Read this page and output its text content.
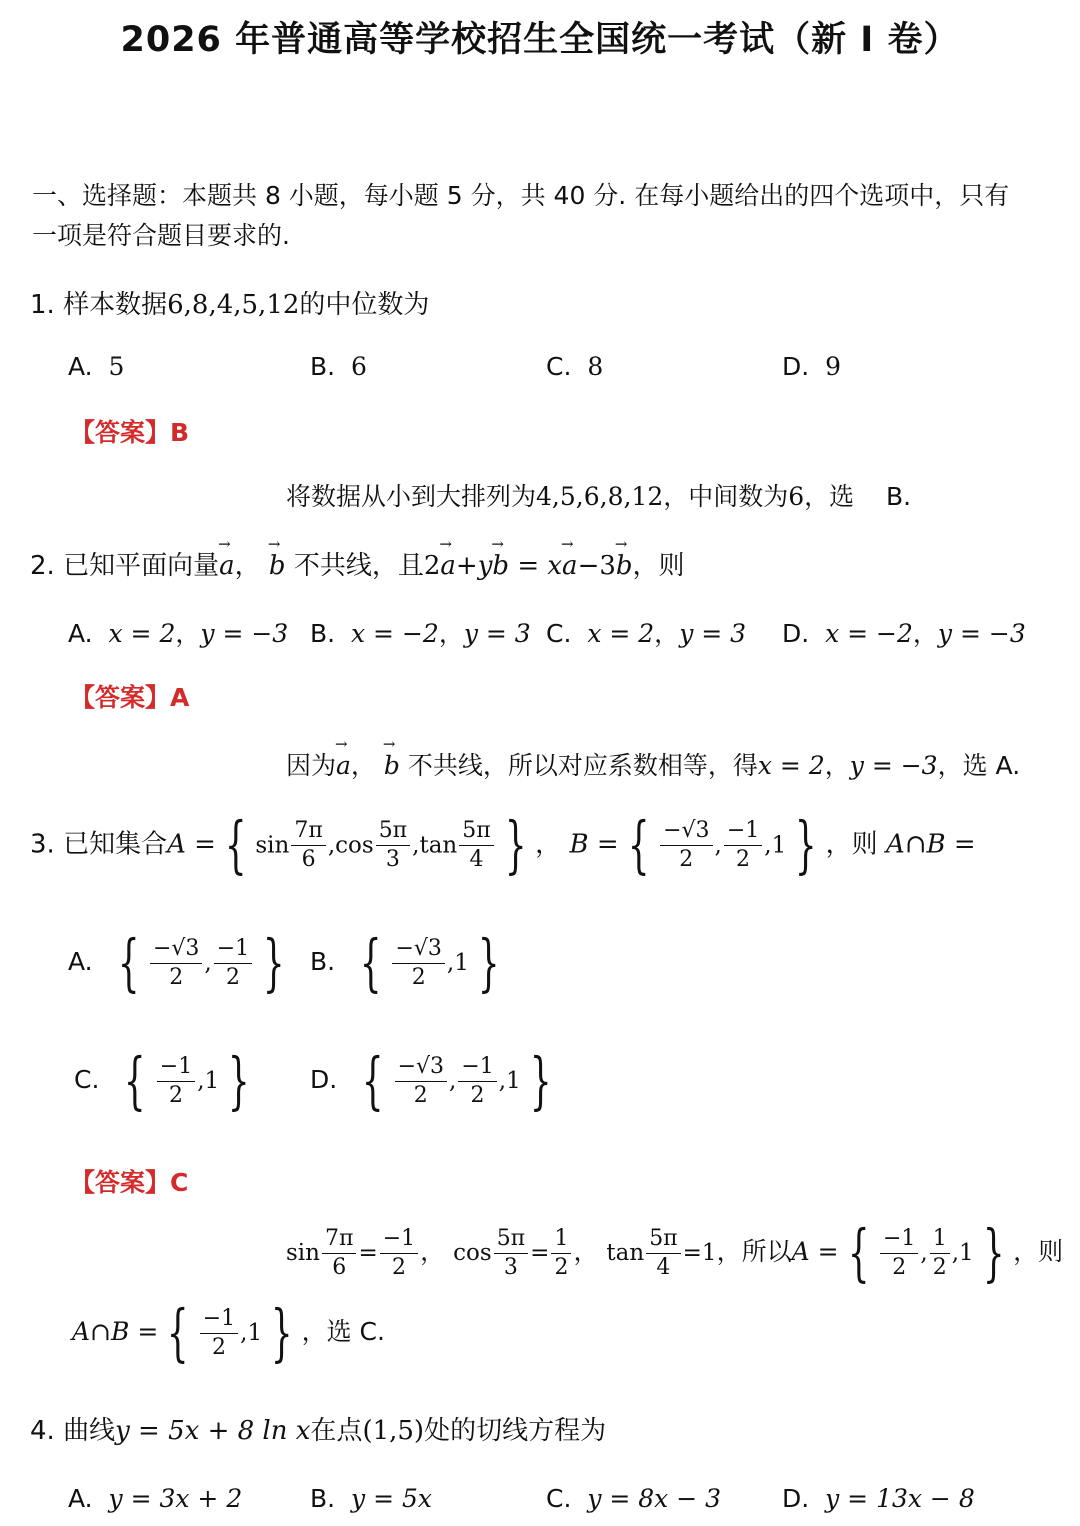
2026 年普通高等学校招生全国统一考试（新 I 卷）
一、选择题：本题共 8 小题，每小题 5 分，共 40 分. 在每小题给出的四个选项中，只有
一项是符合题目要求的.
1. 样本数据6,8,4,5,12的中位数为
A. 5	B. 6	C. 8	D. 9
【答案】B
将数据从小到大排列为4,5,6,8,12，中间数为6，选 B.
2. 已知平面向量→ a， → b 不共线，且2→ a+y→ b = x→ a−3→ b，则
A. x = 2，y = −3 B. x = −2，y = 3 C. x = 2，y = 3 D. x = −2，y = −3
【答案】A
因为→ a， → b 不共线，所以对应系数相等，得x = 2，y = −3，选 A.
3. 已知集合A = { $\sin \frac{7\pi}{6} ,\cos \frac{5\pi}{3} ,\tan \frac{5\pi}{4}$ } ， B = { $\frac{-√3}{2}$ , $\frac{-1}{2} ,1$ } ，则 A∩B =
A. { $\frac{-√3}{2}$ , $\frac{-1}{2}$ }	B. { $\frac{-√3}{2} ,1$ }
C. { $\frac{-1}{2} ,1$ }	D. { $\frac{-√3}{2}$ , $\frac{-1}{2} ,1$ }
【答案】C
$\sin \frac{7\pi}{6} = \frac{-1}{2}$ ， $\cos \frac{5\pi}{3} = \frac{1}{2}$ ， $\tan \frac{5\pi}{4} =1$，所以A = { $\frac{-1}{2}$ , $\frac{1}{2} ,1$ } ，则
A∩B = { $\frac{-1}{2} ,1$ } ，选 C.
4. 曲线y = 5x + 8 ln x在点(1,5)处的切线方程为
A. y = 3x + 2	B. y = 5x	C. y = 8x − 3 D. y = 13x − 8
